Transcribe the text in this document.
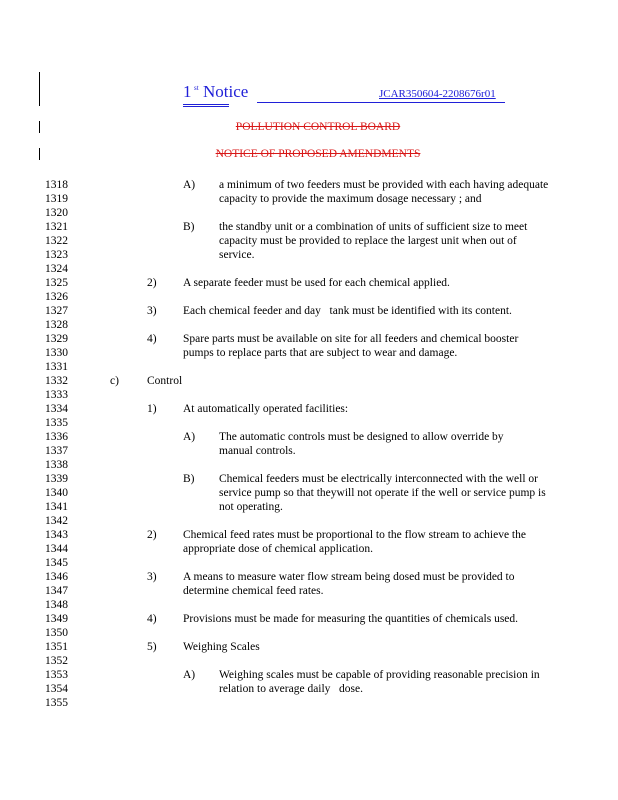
1 st Notice	JCAR350604-2208676r01
POLLUTION CONTROL BOARD
NOTICE OF PROPOSED AMENDMENTS
1318
1319
1320
1321
1322
1323
1324
1325
1326
1327
1328
1329
1330
1331
1332
1333
1334
1335
1336
1337
1338
1339
1340
1341
1342
1343
1344
1345
1346
1347
1348
1349
1350
1351
1352
1353
1354
1355
A) a minimum of two feeders must be provided with each having adequate capacity to provide the maximum dosage necessary ; and

B) the standby unit or a combination of units of sufficient size to meet capacity must be provided to replace the largest unit when out of service.

2) A separate feeder must be used for each chemical applied.

3) Each chemical feeder and day   tank must be identified with its content.

4) Spare parts must be available on site for all feeders and chemical booster pumps to replace parts that are subject to wear and damage.

c) Control

1) At automatically operated facilities:

A) The automatic controls must be designed to allow override by manual controls.

B) Chemical feeders must be electrically interconnected with the well or service pump so that theywill not operate if the well or service pump is not operating.

2) Chemical feed rates must be proportional to the flow stream to achieve the appropriate dose of chemical application.

3) A means to measure water flow stream being dosed must be provided to determine chemical feed rates.

4) Provisions must be made for measuring the quantities of chemicals used.

5) Weighing Scales

A) Weighing scales must be capable of providing reasonable precision in relation to average daily   dose.
